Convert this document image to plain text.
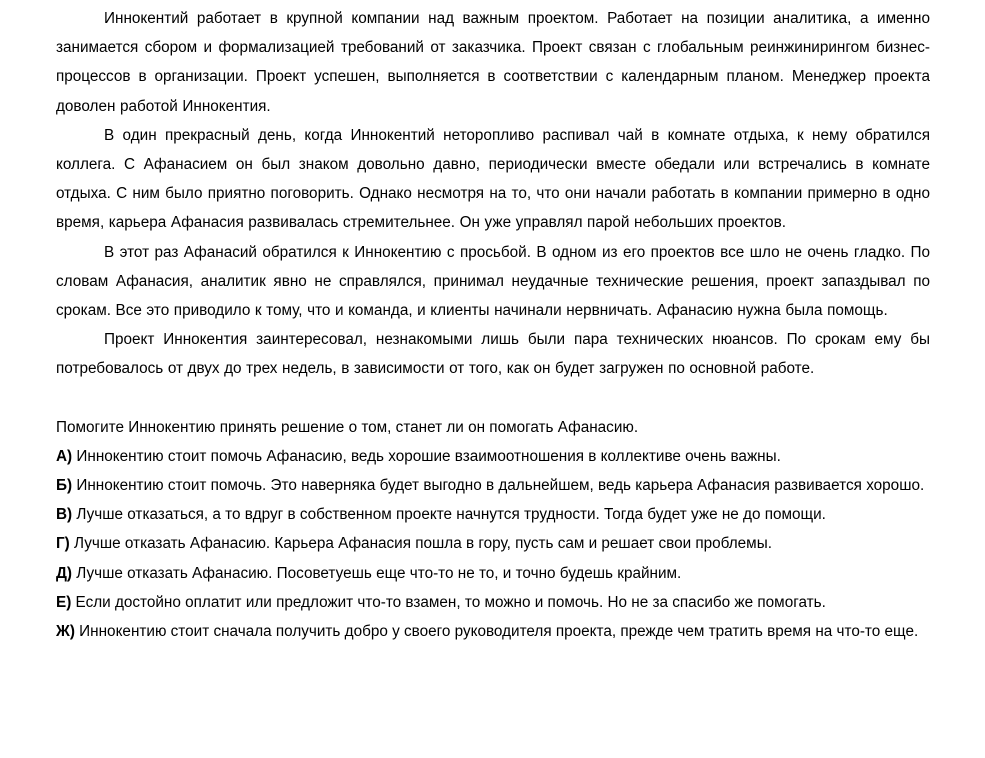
Иннокентий работает в крупной компании над важным проектом. Работает на позиции аналитика, а именно занимается сбором и формализацией требований от заказчика. Проект связан с глобальным реинжинирингом бизнес-процессов в организации. Проект успешен, выполняется в соответствии с календарным планом. Менеджер проекта доволен работой Иннокентия.

В один прекрасный день, когда Иннокентий неторопливо распивал чай в комнате отдыха, к нему обратился коллега. С Афанасием он был знаком довольно давно, периодически вместе обедали или встречались в комнате отдыха. С ним было приятно поговорить. Однако несмотря на то, что они начали работать в компании примерно в одно время, карьера Афанасия развивалась стремительнее. Он уже управлял парой небольших проектов.

В этот раз Афанасий обратился к Иннокентию с просьбой. В одном из его проектов все шло не очень гладко. По словам Афанасия, аналитик явно не справлялся, принимал неудачные технические решения, проект запаздывал по срокам. Все это приводило к тому, что и команда, и клиенты начинали нервничать. Афанасию нужна была помощь.

Проект Иннокентия заинтересовал, незнакомыми лишь были пара технических нюансов. По срокам ему бы потребовалось от двух до трех недель, в зависимости от того, как он будет загружен по основной работе.

Помогите Иннокентию принять решение о том, станет ли он помогать Афанасию.

А) Иннокентию стоит помочь Афанасию, ведь хорошие взаимоотношения в коллективе очень важны.

Б) Иннокентию стоит помочь. Это наверняка будет выгодно в дальнейшем, ведь карьера Афанасия развивается хорошо.

В) Лучше отказаться, а то вдруг в собственном проекте начнутся трудности. Тогда будет уже не до помощи.

Г) Лучше отказать Афанасию. Карьера Афанасия пошла в гору, пусть сам и решает свои проблемы.

Д) Лучше отказать Афанасию. Посоветуешь еще что-то не то, и точно будешь крайним.

Е) Если достойно оплатит или предложит что-то взамен, то можно и помочь. Но не за спасибо же помогать.

Ж) Иннокентию стоит сначала получить добро у своего руководителя проекта, прежде чем тратить время на что-то еще.
